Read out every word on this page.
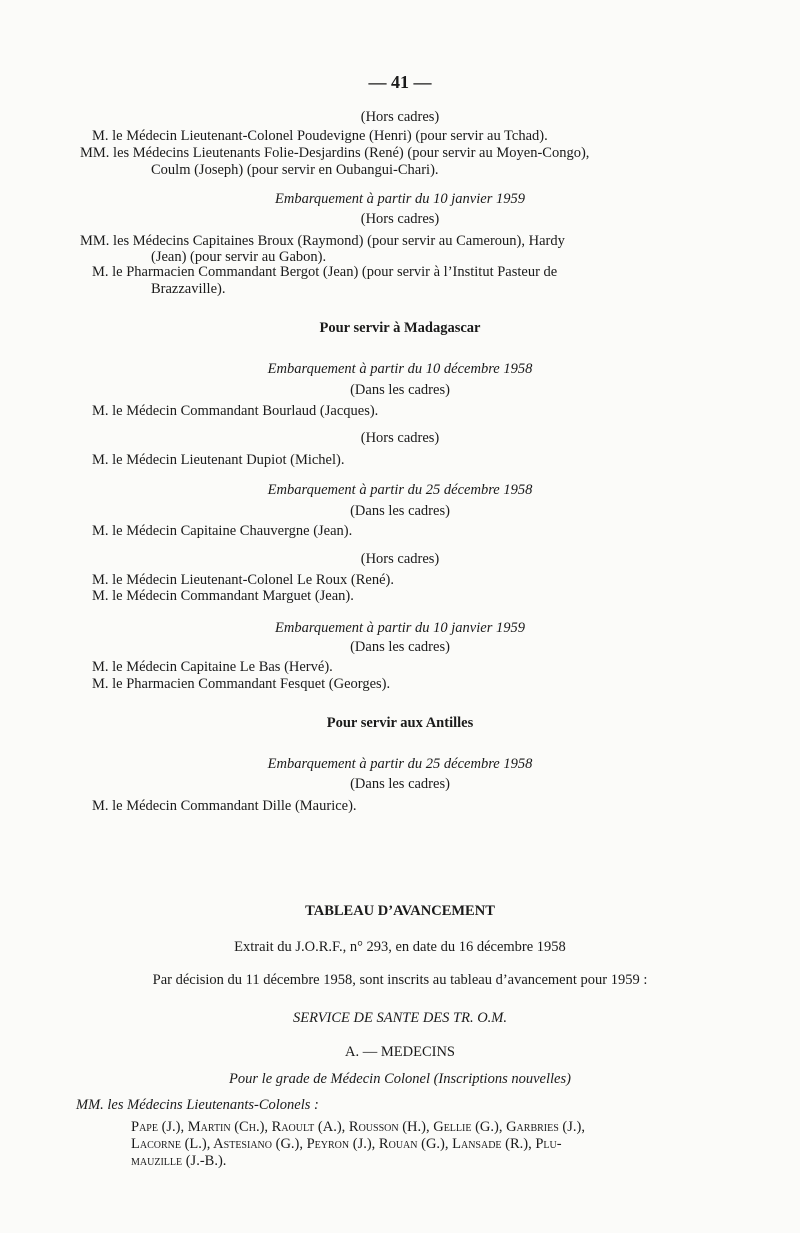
— 41 —
(Hors cadres)
M. le Médecin Lieutenant-Colonel Poudevigne (Henri) (pour servir au Tchad).
MM. les Médecins Lieutenants Folie-Desjardins (René) (pour servir au Moyen-Congo),
Coulm (Joseph) (pour servir en Oubangui-Chari).
Embarquement à partir du 10 janvier 1959
(Hors cadres)
MM. les Médecins Capitaines Broux (Raymond) (pour servir au Cameroun), Hardy
(Jean) (pour servir au Gabon).
M. le Pharmacien Commandant Bergot (Jean) (pour servir à l’Institut Pasteur de
Brazzaville).
Pour servir à Madagascar
Embarquement à partir du 10 décembre 1958
(Dans les cadres)
M. le Médecin Commandant Bourlaud (Jacques).
(Hors cadres)
M. le Médecin Lieutenant Dupiot (Michel).
Embarquement à partir du 25 décembre 1958
(Dans les cadres)
M. le Médecin Capitaine Chauvergne (Jean).
(Hors cadres)
M. le Médecin Lieutenant-Colonel Le Roux (René).
M. le Médecin Commandant Marguet (Jean).
Embarquement à partir du 10 janvier 1959
(Dans les cadres)
M. le Médecin Capitaine Le Bas (Hervé).
M. le Pharmacien Commandant Fesquet (Georges).
Pour servir aux Antilles
Embarquement à partir du 25 décembre 1958
(Dans les cadres)
M. le Médecin Commandant Dille (Maurice).
TABLEAU D’AVANCEMENT
Extrait du J.O.R.F., n° 293, en date du 16 décembre 1958
Par décision du 11 décembre 1958, sont inscrits au tableau d’avancement pour 1959 :
SERVICE DE SANTE DES TR. O.M.
A. — MEDECINS
Pour le grade de Médecin Colonel (Inscriptions nouvelles)
MM. les Médecins Lieutenants-Colonels :
Pape (J.), Martin (Ch.), Raoult (A.), Rousson (H.), Gellie (G.), Garbries (J.),
Lacorne (L.), Astesiano (G.), Peyron (J.), Rouan (G.), Lansade (R.), Plu-
mauzille (J.-B.).
